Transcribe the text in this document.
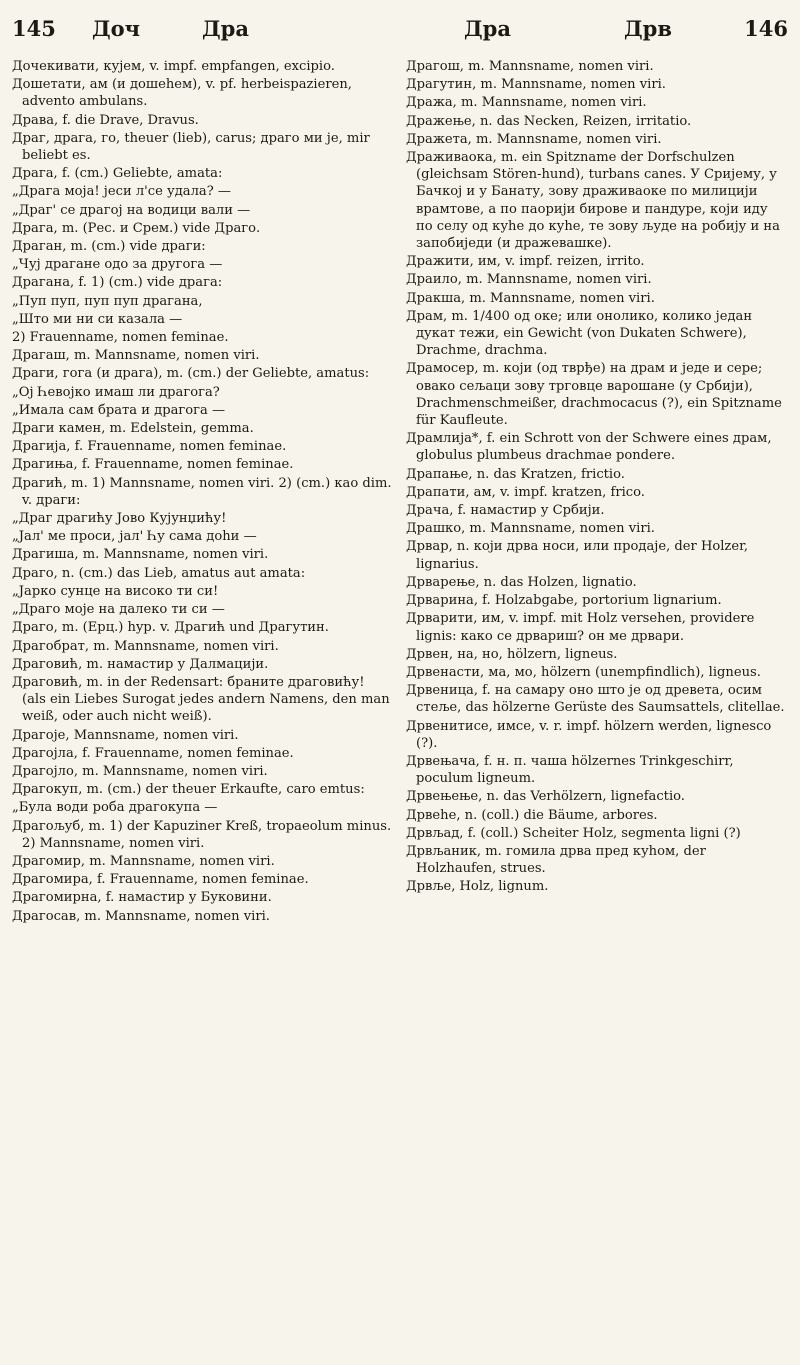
145 Доч	Дра	Дра	Дрв	146

Дочекивати, кујем, v. impf. empfangen, excipio.

Дошетати, ам (и дошеһем), v. pf. herbeispazieren, advento ambulans.

Драва, f. die Drave, Dravus.

Драг, драга, го, theuer (lieb), carus; драго ми је, mir beliebt es.

Драга, f. (cm.) Geliebte, amata:

„Драга моја! јеси л'се удала? —

„Драг' се драгој на водици вали —

Драга, m. (Рес. и Срем.) vide Драго.

Драган, m. (cm.) vide драги:

„Чуј драгане одо за другога —

Драгана, f. 1) (cm.) vide драга:

„Пуп пуп, пуп пуп драгана,

„Што ми ни си казала —

2) Frauenname, nomen feminae.

Драгаш, m. Mannsname, nomen viri.

Драги, гога (и драга), m. (cm.) der Geliebte, amatus:

„Ој Һевојко имаш ли драгога?

„Имала сам брата и драгога —

Драги камен, m. Edelstein, gemma.

Драгија, f. Frauenname, nomen feminae.

Драгиња, f. Frauenname, nomen feminae.

Драгић, m. 1) Mannsname, nomen viri. 2) (cm.) као dim. v. драги:

„Драг драгићу Јово Кујунџићу!

„Јал' ме проси, јал' Һу сама доһи —

Драгиша, m. Mannsname, nomen viri.

Драго, n. (cm.) das Lieb, amatus aut amata:

„Јарко сунце на високо ти си!

„Драго моје на далеко ти си —

Драго, m. (Ерц.) hyp. v. Драгић und Драгутин.

Драгобрат, m. Mannsname, nomen viri.

Драговић, m. намастир у Далмацији.

Драговић, m. in der Redensart: браните драговићу! (als ein Liebes Surogat jedes andern Namens, den man weiß, oder auch nicht weiß).

Драгоје, Mannsname, nomen viri.

Драгојла, f. Frauenname, nomen feminae.

Драгојло, m. Mannsname, nomen viri.

Драгокуп, m. (cm.) der theuer Erkaufte, caro emtus:

„Була води роба драгокупа —

Драгољуб, m. 1) der Kapuziner Kreß, tropaeolum minus. 2) Mannsname, nomen viri.

Драгомир, m. Mannsname, nomen viri.

Драгомира, f. Frauenname, nomen feminae.

Драгомирна, f. намастир у Буковини.

Драгосав, m. Mannsname, nomen viri.

Драгош, m. Mannsname, nomen viri.

Драгутин, m. Mannsname, nomen viri.

Дража, m. Mannsname, nomen viri.

Дражење, n. das Necken, Reizen, irritatio.

Дражета, m. Mannsname, nomen viri.

Драживаока, m. ein Spitzname der Dorfschulzen (gleichsam Stören-hund), turbans canes. У Сријему, у Бачкој и у Банату, зову драживаоке по милицији врамтове, а по паорији бирове и пандуре, који иду по селу од куһе до куһе, те зову људе на робију и на запобиједи (и дражевашке).

Дражити, им, v. impf. reizen, irrito.

Драило, m. Mannsname, nomen viri.

Дракша, m. Mannsname, nomen viri.

Драм, m. 1/400 од оке; или онолико, колико један дукат тежи, ein Gewicht (von Dukaten Schwere), Drachme, drachma.

Драмосер, m. који (од тврђе) на драм и једе и сере; овако сељаци зову трговце варошане (у Србији), Drachmenschmeißer, drachmocacus (?), ein Spitzname für Kaufleute.

Драмлија*, f. ein Schrott von der Schwere eines драм, globulus plumbeus drachmae pondere.

Драпање, n. das Kratzen, frictio.

Драпати, ам, v. impf. kratzen, frico.

Драча, f. намастир у Србији.

Драшко, m. Mannsname, nomen viri.

Дрвар, n. који дрва носи, или продаје, der Holzer, lignarius.

Дрварење, n. das Holzen, lignatio.

Дрварина, f. Holzabgabe, portorium lignarium.

Дрварити, им, v. impf. mit Holz versehen, providere lignis: како се дрвариш? он ме дрвари.

Дрвен, на, но, hölzern, ligneus.

Дрвенасти, ма, мо, hölzern (unempfindlich), ligneus.

Дрвеница, f. на самару оно што је од древета, осим стеље, das hölzerne Gerüste des Saumsattels, clitellae.

Дрвенитисе, имсе, v. r. impf. hölzern werden, lignesco (?).

Дрвењача, f. н. п. чаша hölzernes Trinkgeschirr, poculum ligneum.

Дрвењење, n. das Verhölzern, lignefactio.

Дрвеһе, n. (coll.) die Bäume, arbores.

Дрвљад, f. (coll.) Scheiter Holz, segmenta ligni (?)

Дрвљаник, m. гомила дрва пред куһом, der Holzhaufen, strues.

Дрвље, Holz, lignum.
